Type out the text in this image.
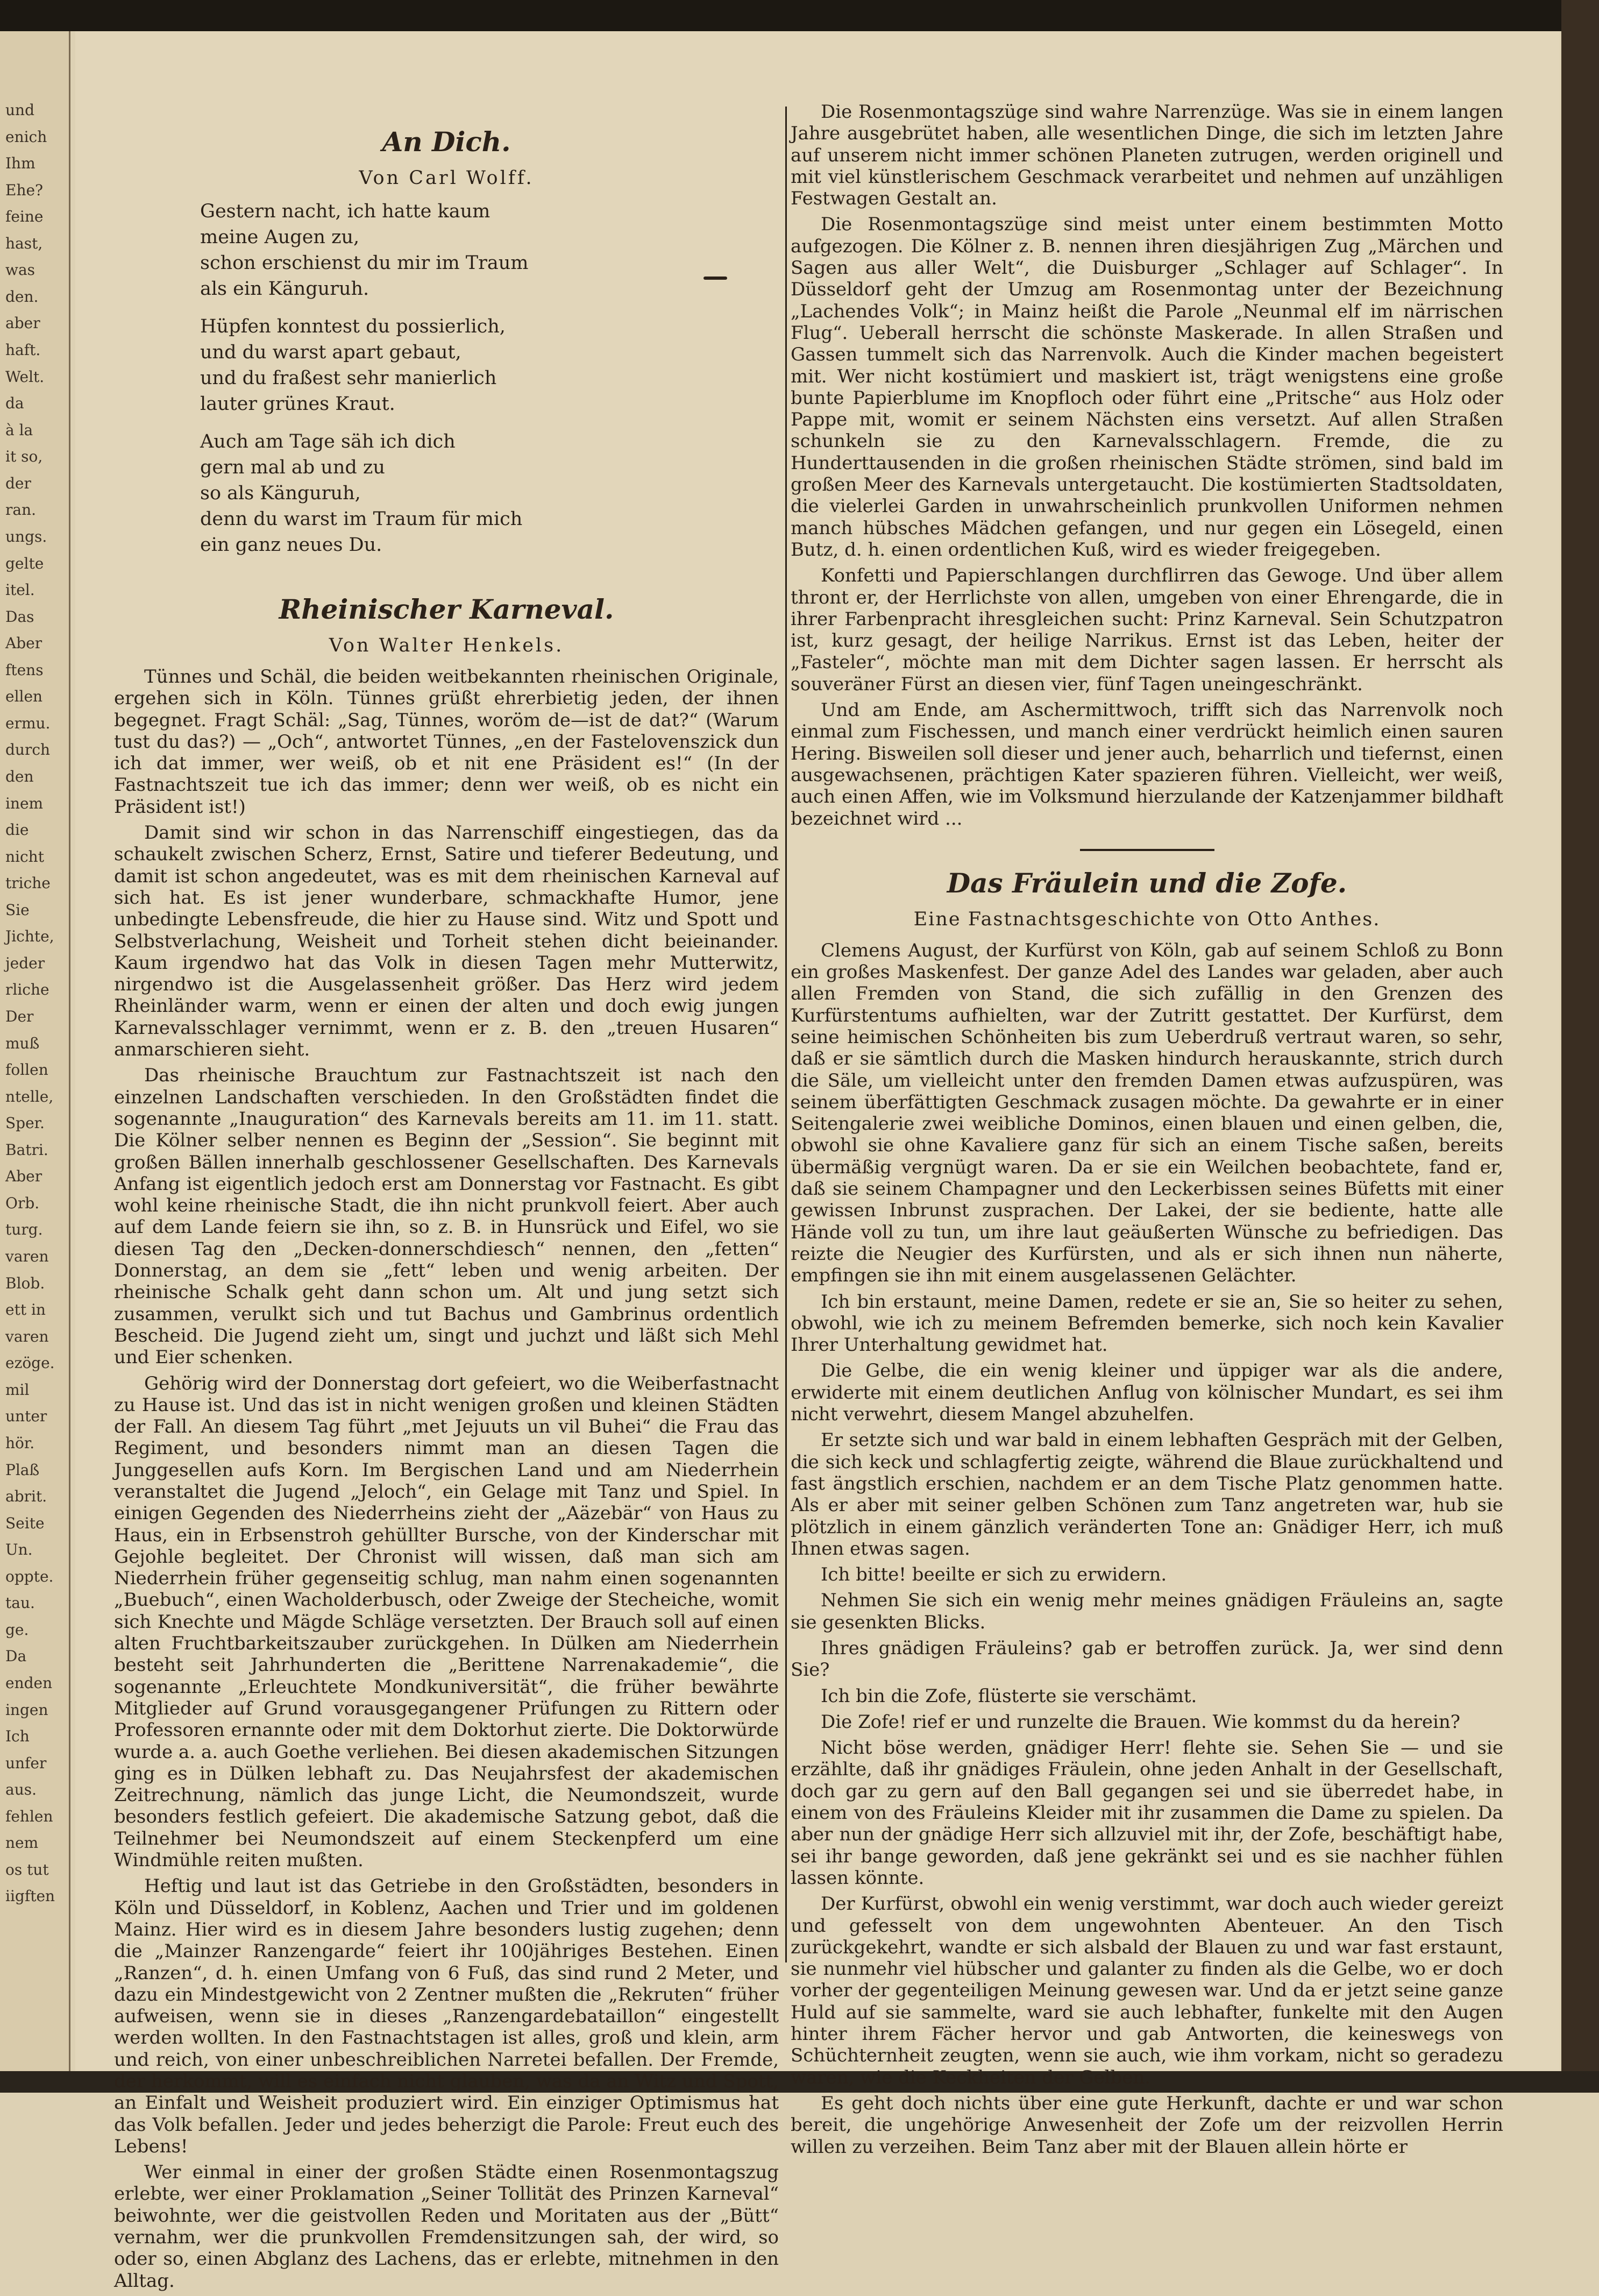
und
enich
Ihm
Ehe?
feine
hast,
was
den.
aber
haft.
Welt.
da
à la
it so,
der
ran.
ungs.
gelte
itel.
Das
Aber
ftens
ellen
ermu.
durch
den
inem
die
nicht
triche
Sie
Jichte,
jeder
rliche
Der
muß
follen
ntelle,
Sper.
Batri.
Aber
Orb.
turg.
varen
Blob.
ett in
varen
ezöge.
mil
unter
hör.
Plaß
abrit.
Seite
Un.
oppte.
tau.
ge.
Da
enden
ingen
Ich
unfer
aus.
fehlen
nem
os tut
iigften
An Dich.
Von Carl Wolff.
Gestern nacht, ich hatte kaum
meine Augen zu,
schon erschienst du mir im Traum
als ein Känguruh.
Hüpfen konntest du possierlich,
und du warst apart gebaut,
und du fraßest sehr manierlich
lauter grünes Kraut.
Auch am Tage säh ich dich
gern mal ab und zu
so als Känguruh,
denn du warst im Traum für mich
ein ganz neues Du.
Rheinischer Karneval.
Von Walter Henkels.

Tünnes und Schäl, die beiden weitbekannten rheinischen Originale, ergehen sich in Köln. Tünnes grüßt ehrerbietig jeden, der ihnen begegnet. Fragt Schäl: „Sag, Tünnes, woröm de—ist de dat?“ (Warum tust du das?) — „Och“, antwortet Tünnes, „en der Fastelovenszick dun ich dat immer, wer weiß, ob et nit ene Präsident es!“ (In der Fastnachtszeit tue ich das immer; denn wer weiß, ob es nicht ein Präsident ist!)

Damit sind wir schon in das Narrenschiff eingestiegen, das da schaukelt zwischen Scherz, Ernst, Satire und tieferer Bedeutung, und damit ist schon angedeutet, was es mit dem rheinischen Karneval auf sich hat. Es ist jener wunderbare, schmackhafte Humor, jene unbedingte Lebensfreude, die hier zu Hause sind. Witz und Spott und Selbstverlachung, Weisheit und Torheit stehen dicht beieinander. Kaum irgendwo hat das Volk in diesen Tagen mehr Mutterwitz, nirgendwo ist die Ausgelassenheit größer. Das Herz wird jedem Rheinländer warm, wenn er einen der alten und doch ewig jungen Karnevalsschlager vernimmt, wenn er z. B. den „treuen Husaren“ anmarschieren sieht.

Das rheinische Brauchtum zur Fastnachtszeit ist nach den einzelnen Landschaften verschieden. In den Großstädten findet die sogenannte „Inauguration“ des Karnevals bereits am 11. im 11. statt. Die Kölner selber nennen es Beginn der „Session“. Sie beginnt mit großen Bällen innerhalb geschlossener Gesellschaften. Des Karnevals Anfang ist eigentlich jedoch erst am Donnerstag vor Fastnacht. Es gibt wohl keine rheinische Stadt, die ihn nicht prunkvoll feiert. Aber auch auf dem Lande feiern sie ihn, so z. B. in Hunsrück und Eifel, wo sie diesen Tag den „Decken-donnerschdiesch“ nennen, den „fetten“ Donnerstag, an dem sie „fett“ leben und wenig arbeiten. Der rheinische Schalk geht dann schon um. Alt und jung setzt sich zusammen, verulkt sich und tut Bachus und Gambrinus ordentlich Bescheid. Die Jugend zieht um, singt und juchzt und läßt sich Mehl und Eier schenken.

Gehörig wird der Donnerstag dort gefeiert, wo die Weiberfastnacht zu Hause ist. Und das ist in nicht wenigen großen und kleinen Städten der Fall. An diesem Tag führt „met Jejuuts un vil Buhei“ die Frau das Regiment, und besonders nimmt man an diesen Tagen die Junggesellen aufs Korn. Im Bergischen Land und am Niederrhein veranstaltet die Jugend „Jeloch“, ein Gelage mit Tanz und Spiel. In einigen Gegenden des Niederrheins zieht der „Aäzebär“ von Haus zu Haus, ein in Erbsenstroh gehüllter Bursche, von der Kinderschar mit Gejohle begleitet. Der Chronist will wissen, daß man sich am Niederrhein früher gegenseitig schlug, man nahm einen sogenannten „Buebuch“, einen Wacholderbusch, oder Zweige der Stecheiche, womit sich Knechte und Mägde Schläge versetzten. Der Brauch soll auf einen alten Fruchtbarkeitszauber zurückgehen. In Dülken am Niederrhein besteht seit Jahrhunderten die „Berittene Narrenakademie“, die sogenannte „Erleuchtete Mondkuniversität“, die früher bewährte Mitglieder auf Grund vorausgegangener Prüfungen zu Rittern oder Professoren ernannte oder mit dem Doktorhut zierte. Die Doktorwürde wurde a. a. auch Goethe verliehen. Bei diesen akademischen Sitzungen ging es in Dülken lebhaft zu. Das Neujahrsfest der akademischen Zeitrechnung, nämlich das junge Licht, die Neumondszeit, wurde besonders festlich gefeiert. Die akademische Satzung gebot, daß die Teilnehmer bei Neumondszeit auf einem Steckenpferd um eine Windmühle reiten mußten.

Heftig und laut ist das Getriebe in den Großstädten, besonders in Köln und Düsseldorf, in Koblenz, Aachen und Trier und im goldenen Mainz. Hier wird es in diesem Jahre besonders lustig zugehen; denn die „Mainzer Ranzengarde“ feiert ihr 100jähriges Bestehen. Einen „Ranzen“, d. h. einen Umfang von 6 Fuß, das sind rund 2 Meter, und dazu ein Mindestgewicht von 2 Zentner mußten die „Rekruten“ früher aufweisen, wenn sie in dieses „Ranzengardebataillon“ eingestellt werden wollten. In den Fastnachtstagen ist alles, groß und klein, arm und reich, von einer unbeschreiblichen Narretei befallen. Der Fremde, der herkommt, will es einfach nicht glauben, was da an Witz und Spott, an Einfalt und Weisheit produziert wird. Ein einziger Optimismus hat das Volk befallen. Jeder und jedes beherzigt die Parole: Freut euch des Lebens!

Wer einmal in einer der großen Städte einen Rosenmontagszug erlebte, wer einer Proklamation „Seiner Tollität des Prinzen Karneval“ beiwohnte, wer die geistvollen Reden und Moritaten aus der „Bütt“ vernahm, wer die prunkvollen Fremdensitzungen sah, der wird, so oder so, einen Abglanz des Lachens, das er erlebte, mitnehmen in den Alltag.

Die Rosenmontagszüge sind wahre Narrenzüge. Was sie in einem langen Jahre ausgebrütet haben, alle wesentlichen Dinge, die sich im letzten Jahre auf unserem nicht immer schönen Planeten zutrugen, werden originell und mit viel künstlerischem Geschmack verarbeitet und nehmen auf unzähligen Festwagen Gestalt an.

Die Rosenmontagszüge sind meist unter einem bestimmten Motto aufgezogen. Die Kölner z. B. nennen ihren diesjährigen Zug „Märchen und Sagen aus aller Welt“, die Duisburger „Schlager auf Schlager“. In Düsseldorf geht der Umzug am Rosenmontag unter der Bezeichnung „Lachendes Volk“; in Mainz heißt die Parole „Neunmal elf im närrischen Flug“. Ueberall herrscht die schönste Maskerade. In allen Straßen und Gassen tummelt sich das Narrenvolk. Auch die Kinder machen begeistert mit. Wer nicht kostümiert und maskiert ist, trägt wenigstens eine große bunte Papierblume im Knopfloch oder führt eine „Pritsche“ aus Holz oder Pappe mit, womit er seinem Nächsten eins versetzt. Auf allen Straßen schunkeln sie zu den Karnevalsschlagern. Fremde, die zu Hunderttausenden in die großen rheinischen Städte strömen, sind bald im großen Meer des Karnevals untergetaucht. Die kostümierten Stadtsoldaten, die vielerlei Garden in unwahrscheinlich prunkvollen Uniformen nehmen manch hübsches Mädchen gefangen, und nur gegen ein Lösegeld, einen Butz, d. h. einen ordentlichen Kuß, wird es wieder freigegeben.

Konfetti und Papierschlangen durchflirren das Gewoge. Und über allem thront er, der Herrlichste von allen, umgeben von einer Ehrengarde, die in ihrer Farbenpracht ihresgleichen sucht: Prinz Karneval. Sein Schutzpatron ist, kurz gesagt, der heilige Narrikus. Ernst ist das Leben, heiter der „Fasteler“, möchte man mit dem Dichter sagen lassen. Er herrscht als souveräner Fürst an diesen vier, fünf Tagen uneingeschränkt.

Und am Ende, am Aschermittwoch, trifft sich das Narrenvolk noch einmal zum Fischessen, und manch einer verdrückt heimlich einen sauren Hering. Bisweilen soll dieser und jener auch, beharrlich und tiefernst, einen ausgewachsenen, prächtigen Kater spazieren führen. Vielleicht, wer weiß, auch einen Affen, wie im Volksmund hierzulande der Katzenjammer bildhaft bezeichnet wird ...

Das Fräulein und die Zofe.
Eine Fastnachtsgeschichte von Otto Anthes.

Clemens August, der Kurfürst von Köln, gab auf seinem Schloß zu Bonn ein großes Maskenfest. Der ganze Adel des Landes war geladen, aber auch allen Fremden von Stand, die sich zufällig in den Grenzen des Kurfürstentums aufhielten, war der Zutritt gestattet. Der Kurfürst, dem seine heimischen Schönheiten bis zum Ueberdruß vertraut waren, so sehr, daß er sie sämtlich durch die Masken hindurch herauskannte, strich durch die Säle, um vielleicht unter den fremden Damen etwas aufzuspüren, was seinem überfättigten Geschmack zusagen möchte. Da gewahrte er in einer Seitengalerie zwei weibliche Dominos, einen blauen und einen gelben, die, obwohl sie ohne Kavaliere ganz für sich an einem Tische saßen, bereits übermäßig vergnügt waren. Da er sie ein Weilchen beobachtete, fand er, daß sie seinem Champagner und den Leckerbissen seines Büfetts mit einer gewissen Inbrunst zusprachen. Der Lakei, der sie bediente, hatte alle Hände voll zu tun, um ihre laut geäußerten Wünsche zu befriedigen. Das reizte die Neugier des Kurfürsten, und als er sich ihnen nun näherte, empfingen sie ihn mit einem ausgelassenen Gelächter.

Ich bin erstaunt, meine Damen, redete er sie an, Sie so heiter zu sehen, obwohl, wie ich zu meinem Befremden bemerke, sich noch kein Kavalier Ihrer Unterhaltung gewidmet hat.

Die Gelbe, die ein wenig kleiner und üppiger war als die andere, erwiderte mit einem deutlichen Anflug von kölnischer Mundart, es sei ihm nicht verwehrt, diesem Mangel abzuhelfen.

Er setzte sich und war bald in einem lebhaften Gespräch mit der Gelben, die sich keck und schlagfertig zeigte, während die Blaue zurückhaltend und fast ängstlich erschien, nachdem er an dem Tische Platz genommen hatte. Als er aber mit seiner gelben Schönen zum Tanz angetreten war, hub sie plötzlich in einem gänzlich veränderten Tone an: Gnädiger Herr, ich muß Ihnen etwas sagen.

Ich bitte! beeilte er sich zu erwidern.

Nehmen Sie sich ein wenig mehr meines gnädigen Fräuleins an, sagte sie gesenkten Blicks.

Ihres gnädigen Fräuleins? gab er betroffen zurück. Ja, wer sind denn Sie?

Ich bin die Zofe, flüsterte sie verschämt.

Die Zofe! rief er und runzelte die Brauen. Wie kommst du da herein?

Nicht böse werden, gnädiger Herr! flehte sie. Sehen Sie — und sie erzählte, daß ihr gnädiges Fräulein, ohne jeden Anhalt in der Gesellschaft, doch gar zu gern auf den Ball gegangen sei und sie überredet habe, in einem von des Fräuleins Kleider mit ihr zusammen die Dame zu spielen. Da aber nun der gnädige Herr sich allzuviel mit ihr, der Zofe, beschäftigt habe, sei ihr bange geworden, daß jene gekränkt sei und es sie nachher fühlen lassen könnte.

Der Kurfürst, obwohl ein wenig verstimmt, war doch auch wieder gereizt und gefesselt von dem ungewohnten Abenteuer. An den Tisch zurückgekehrt, wandte er sich alsbald der Blauen zu und war fast erstaunt, sie nunmehr viel hübscher und galanter zu finden als die Gelbe, wo er doch vorher der gegenteiligen Meinung gewesen war. Und da er jetzt seine ganze Huld auf sie sammelte, ward sie auch lebhafter, funkelte mit den Augen hinter ihrem Fächer hervor und gab Antworten, die keineswegs von Schüchternheit zeugten, wenn sie auch, wie ihm vorkam, nicht so geradezu waren, wie die Keckheiten der Gelben.

Es geht doch nichts über eine gute Herkunft, dachte er und war schon bereit, die ungehörige Anwesenheit der Zofe um der reizvollen Herrin willen zu verzeihen. Beim Tanz aber mit der Blauen allein hörte er
